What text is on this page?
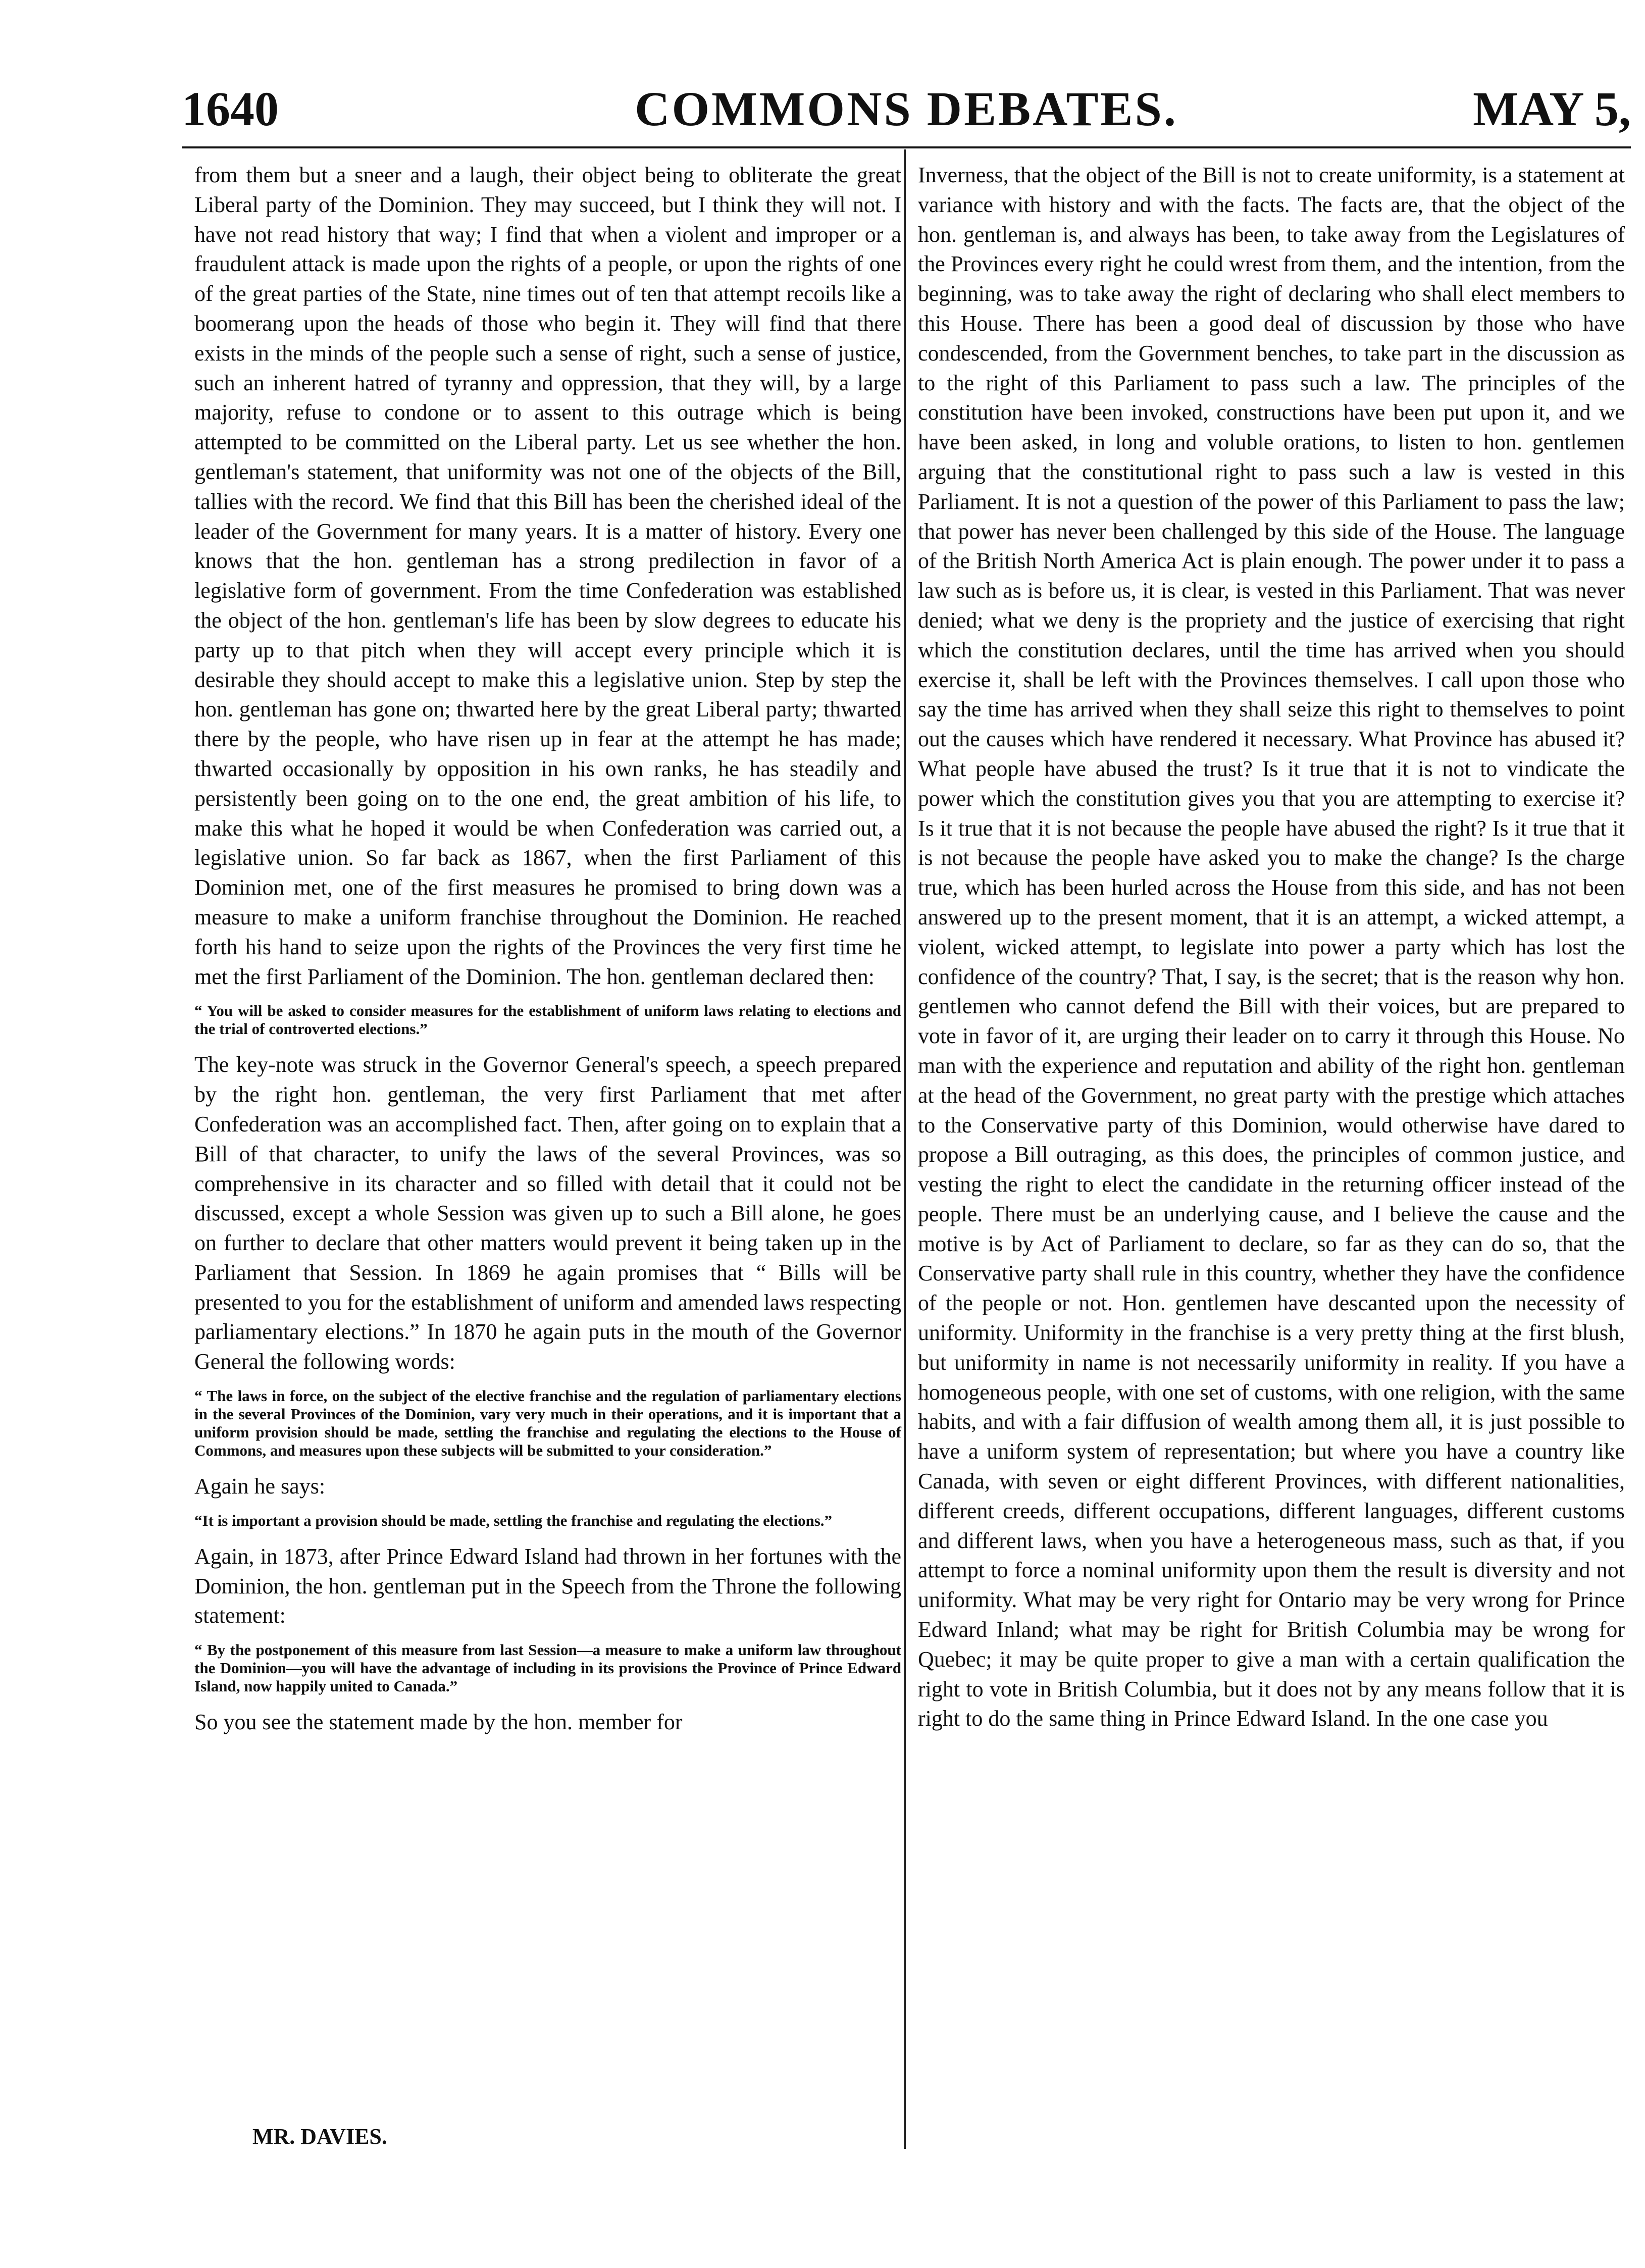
1640	COMMONS DEBATES.	MAY 5,

from them but a sneer and a laugh, their object being to obliterate the great Liberal party of the Dominion. They may succeed, but I think they will not. I have not read history that way; I find that when a violent and improper or a fraudulent attack is made upon the rights of a people, or upon the rights of one of the great parties of the State, nine times out of ten that attempt recoils like a boomerang upon the heads of those who begin it. They will find that there exists in the minds of the people such a sense of right, such a sense of justice, such an inherent hatred of tyranny and oppression, that they will, by a large majority, refuse to condone or to assent to this outrage which is being attempted to be committed on the Liberal party. Let us see whether the hon. gentleman's statement, that uniformity was not one of the objects of the Bill, tallies with the record. We find that this Bill has been the cherished ideal of the leader of the Government for many years. It is a matter of history. Every one knows that the hon. gentleman has a strong predilection in favor of a legislative form of government. From the time Confederation was established the object of the hon. gentleman's life has been by slow degrees to educate his party up to that pitch when they will accept every principle which it is desirable they should accept to make this a legislative union. Step by step the hon. gentleman has gone on; thwarted here by the great Liberal party; thwarted there by the people, who have risen up in fear at the attempt he has made; thwarted occasionally by opposition in his own ranks, he has steadily and persistently been going on to the one end, the great ambition of his life, to make this what he hoped it would be when Confederation was carried out, a legislative union. So far back as 1867, when the first Parliament of this Dominion met, one of the first measures he promised to bring down was a measure to make a uniform franchise throughout the Dominion. He reached forth his hand to seize upon the rights of the Provinces the very first time he met the first Parliament of the Dominion. The hon. gentleman declared then:

“ You will be asked to consider measures for the establishment of uniform laws relating to elections and the trial of controverted elections.”

The key-note was struck in the Governor General's speech, a speech prepared by the right hon. gentleman, the very first Parliament that met after Confederation was an accomplished fact. Then, after going on to explain that a Bill of that character, to unify the laws of the several Provinces, was so comprehensive in its character and so filled with detail that it could not be discussed, except a whole Session was given up to such a Bill alone, he goes on further to declare that other matters would prevent it being taken up in the Parliament that Session. In 1869 he again promises that “ Bills will be presented to you for the establishment of uniform and amended laws respecting parliamentary elections.” In 1870 he again puts in the mouth of the Governor General the following words:

“ The laws in force, on the subject of the elective franchise and the regulation of parliamentary elections in the several Provinces of the Dominion, vary very much in their operations, and it is important that a uniform provision should be made, settling the franchise and regulating the elections to the House of Commons, and measures upon these subjects will be submitted to your consideration.”

Again he says:

“It is important a provision should be made, settling the franchise and regulating the elections.”

Again, in 1873, after Prince Edward Island had thrown in her fortunes with the Dominion, the hon. gentleman put in the Speech from the Throne the following statement:

“ By the postponement of this measure from last Session—a measure to make a uniform law throughout the Dominion—you will have the advantage of including in its provisions the Province of Prince Edward Island, now happily united to Canada.”

So you see the statement made by the hon. member for

MR. DAVIES.

Inverness, that the object of the Bill is not to create uniformity, is a statement at variance with history and with the facts. The facts are, that the object of the hon. gentleman is, and always has been, to take away from the Legislatures of the Provinces every right he could wrest from them, and the intention, from the beginning, was to take away the right of declaring who shall elect members to this House. There has been a good deal of discussion by those who have condescended, from the Government benches, to take part in the discussion as to the right of this Parliament to pass such a law. The principles of the constitution have been invoked, constructions have been put upon it, and we have been asked, in long and voluble orations, to listen to hon. gentlemen arguing that the constitutional right to pass such a law is vested in this Parliament. It is not a question of the power of this Parliament to pass the law; that power has never been challenged by this side of the House. The language of the British North America Act is plain enough. The power under it to pass a law such as is before us, it is clear, is vested in this Parliament. That was never denied; what we deny is the propriety and the justice of exercising that right which the constitution declares, until the time has arrived when you should exercise it, shall be left with the Provinces themselves. I call upon those who say the time has arrived when they shall seize this right to themselves to point out the causes which have rendered it necessary. What Province has abused it? What people have abused the trust? Is it true that it is not to vindicate the power which the constitution gives you that you are attempting to exercise it? Is it true that it is not because the people have abused the right? Is it true that it is not because the people have asked you to make the change? Is the charge true, which has been hurled across the House from this side, and has not been answered up to the present moment, that it is an attempt, a wicked attempt, a violent, wicked attempt, to legislate into power a party which has lost the confidence of the country? That, I say, is the secret; that is the reason why hon. gentlemen who cannot defend the Bill with their voices, but are prepared to vote in favor of it, are urging their leader on to carry it through this House. No man with the experience and reputation and ability of the right hon. gentleman at the head of the Government, no great party with the prestige which attaches to the Conservative party of this Dominion, would otherwise have dared to propose a Bill outraging, as this does, the principles of common justice, and vesting the right to elect the candidate in the returning officer instead of the people. There must be an underlying cause, and I believe the cause and the motive is by Act of Parliament to declare, so far as they can do so, that the Conservative party shall rule in this country, whether they have the confidence of the people or not. Hon. gentlemen have descanted upon the necessity of uniformity. Uniformity in the franchise is a very pretty thing at the first blush, but uniformity in name is not necessarily uniformity in reality. If you have a homogeneous people, with one set of customs, with one religion, with the same habits, and with a fair diffusion of wealth among them all, it is just possible to have a uniform system of representation; but where you have a country like Canada, with seven or eight different Provinces, with different nationalities, different creeds, different occupations, different languages, different customs and different laws, when you have a heterogeneous mass, such as that, if you attempt to force a nominal uniformity upon them the result is diversity and not uniformity. What may be very right for Ontario may be very wrong for Prince Edward Inland; what may be right for British Columbia may be wrong for Quebec; it may be quite proper to give a man with a certain qualification the right to vote in British Columbia, but it does not by any means follow that it is right to do the same thing in Prince Edward Island. In the one case you
